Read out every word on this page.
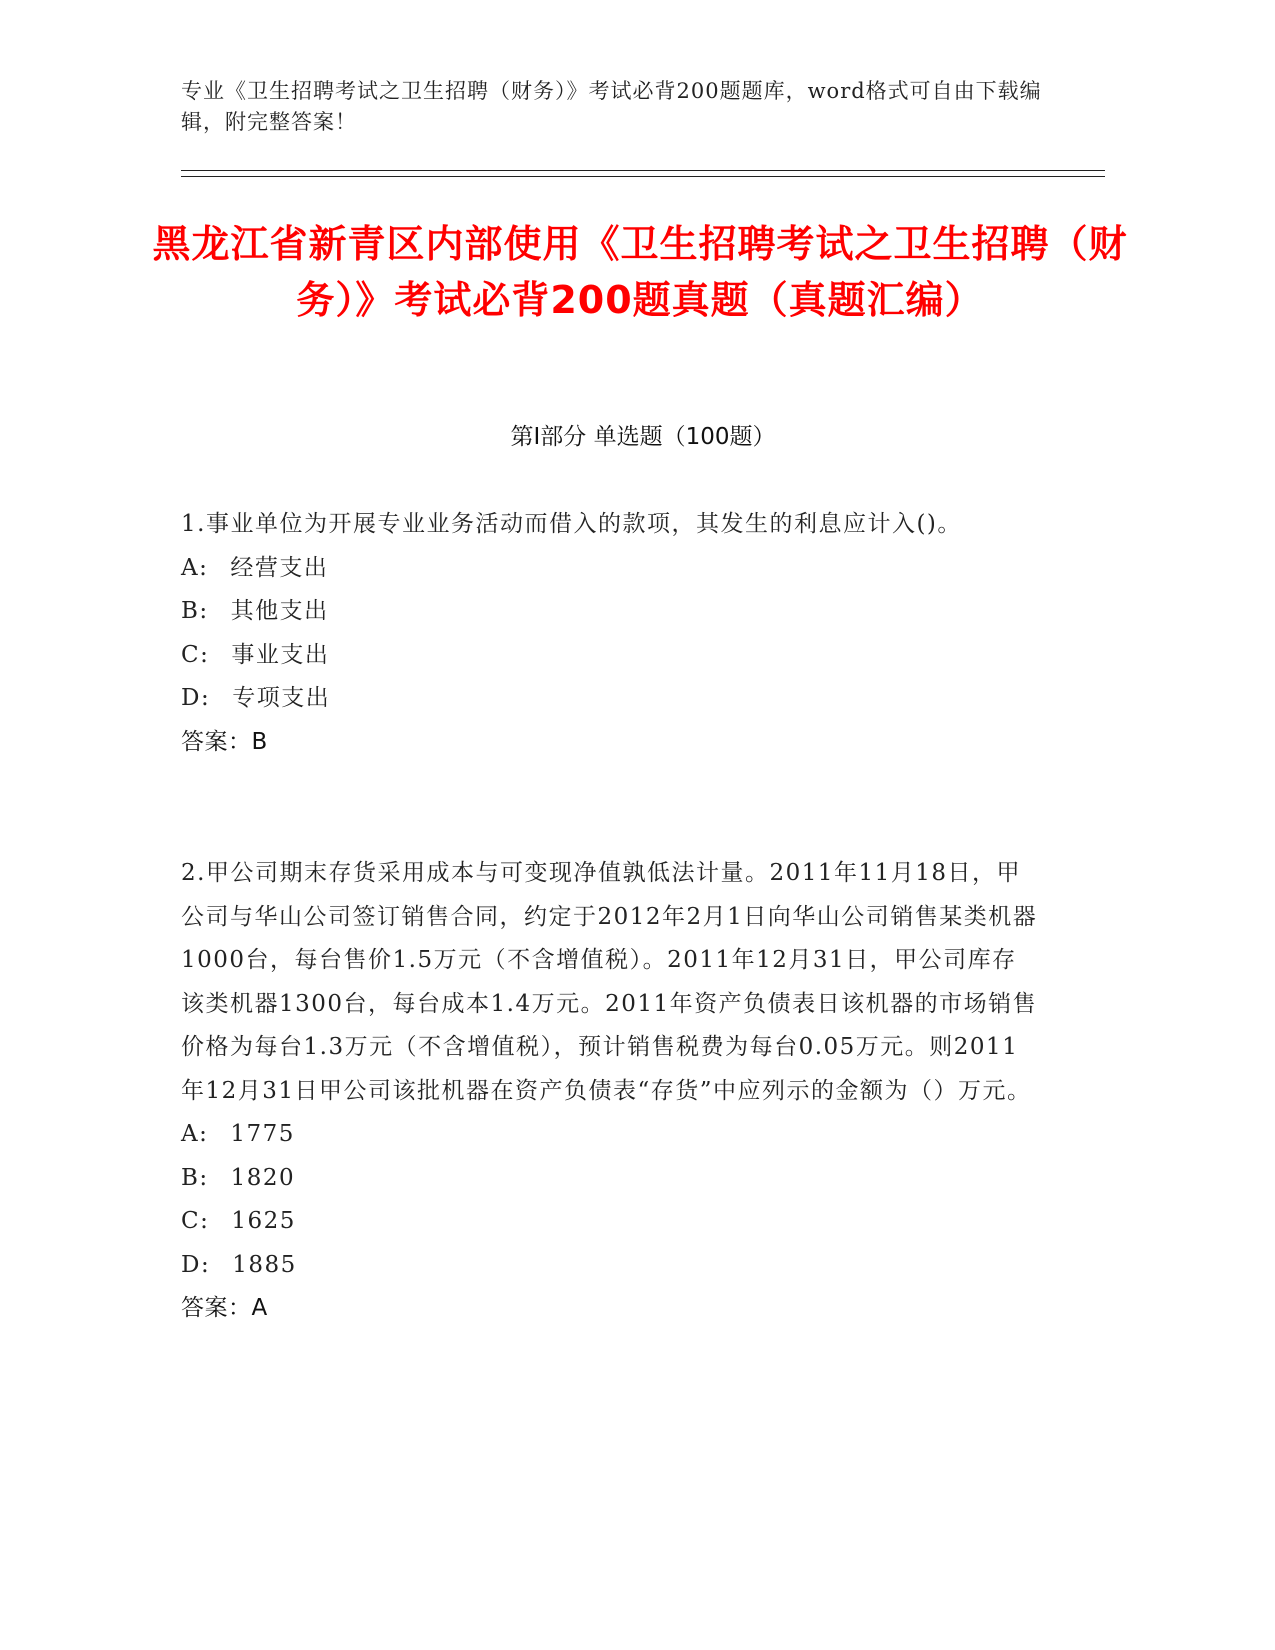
专业《卫生招聘考试之卫生招聘（财务）》考试必背200题题库，word格式可自由下载编辑，附完整答案！
黑龙江省新青区内部使用《卫生招聘考试之卫生招聘（财务）》考试必背200题真题（真题汇编）
第I部分 单选题（100题）

1.事业单位为开展专业业务活动而借入的款项，其发生的利息应计入()。

A: 经营支出

B: 其他支出

C: 事业支出

D: 专项支出

答案：B

2.甲公司期末存货采用成本与可变现净值孰低法计量。2011年11月18日，甲公司与华山公司签订销售合同，约定于2012年2月1日向华山公司销售某类机器1000台，每台售价1.5万元（不含增值税）。2011年12月31日，甲公司库存该类机器1300台，每台成本1.4万元。2011年资产负债表日该机器的市场销售价格为每台1.3万元（不含增值税），预计销售税费为每台0.05万元。则2011年12月31日甲公司该批机器在资产负债表“存货”中应列示的金额为（）万元。

A: 1775

B: 1820

C: 1625

D: 1885

答案：A
